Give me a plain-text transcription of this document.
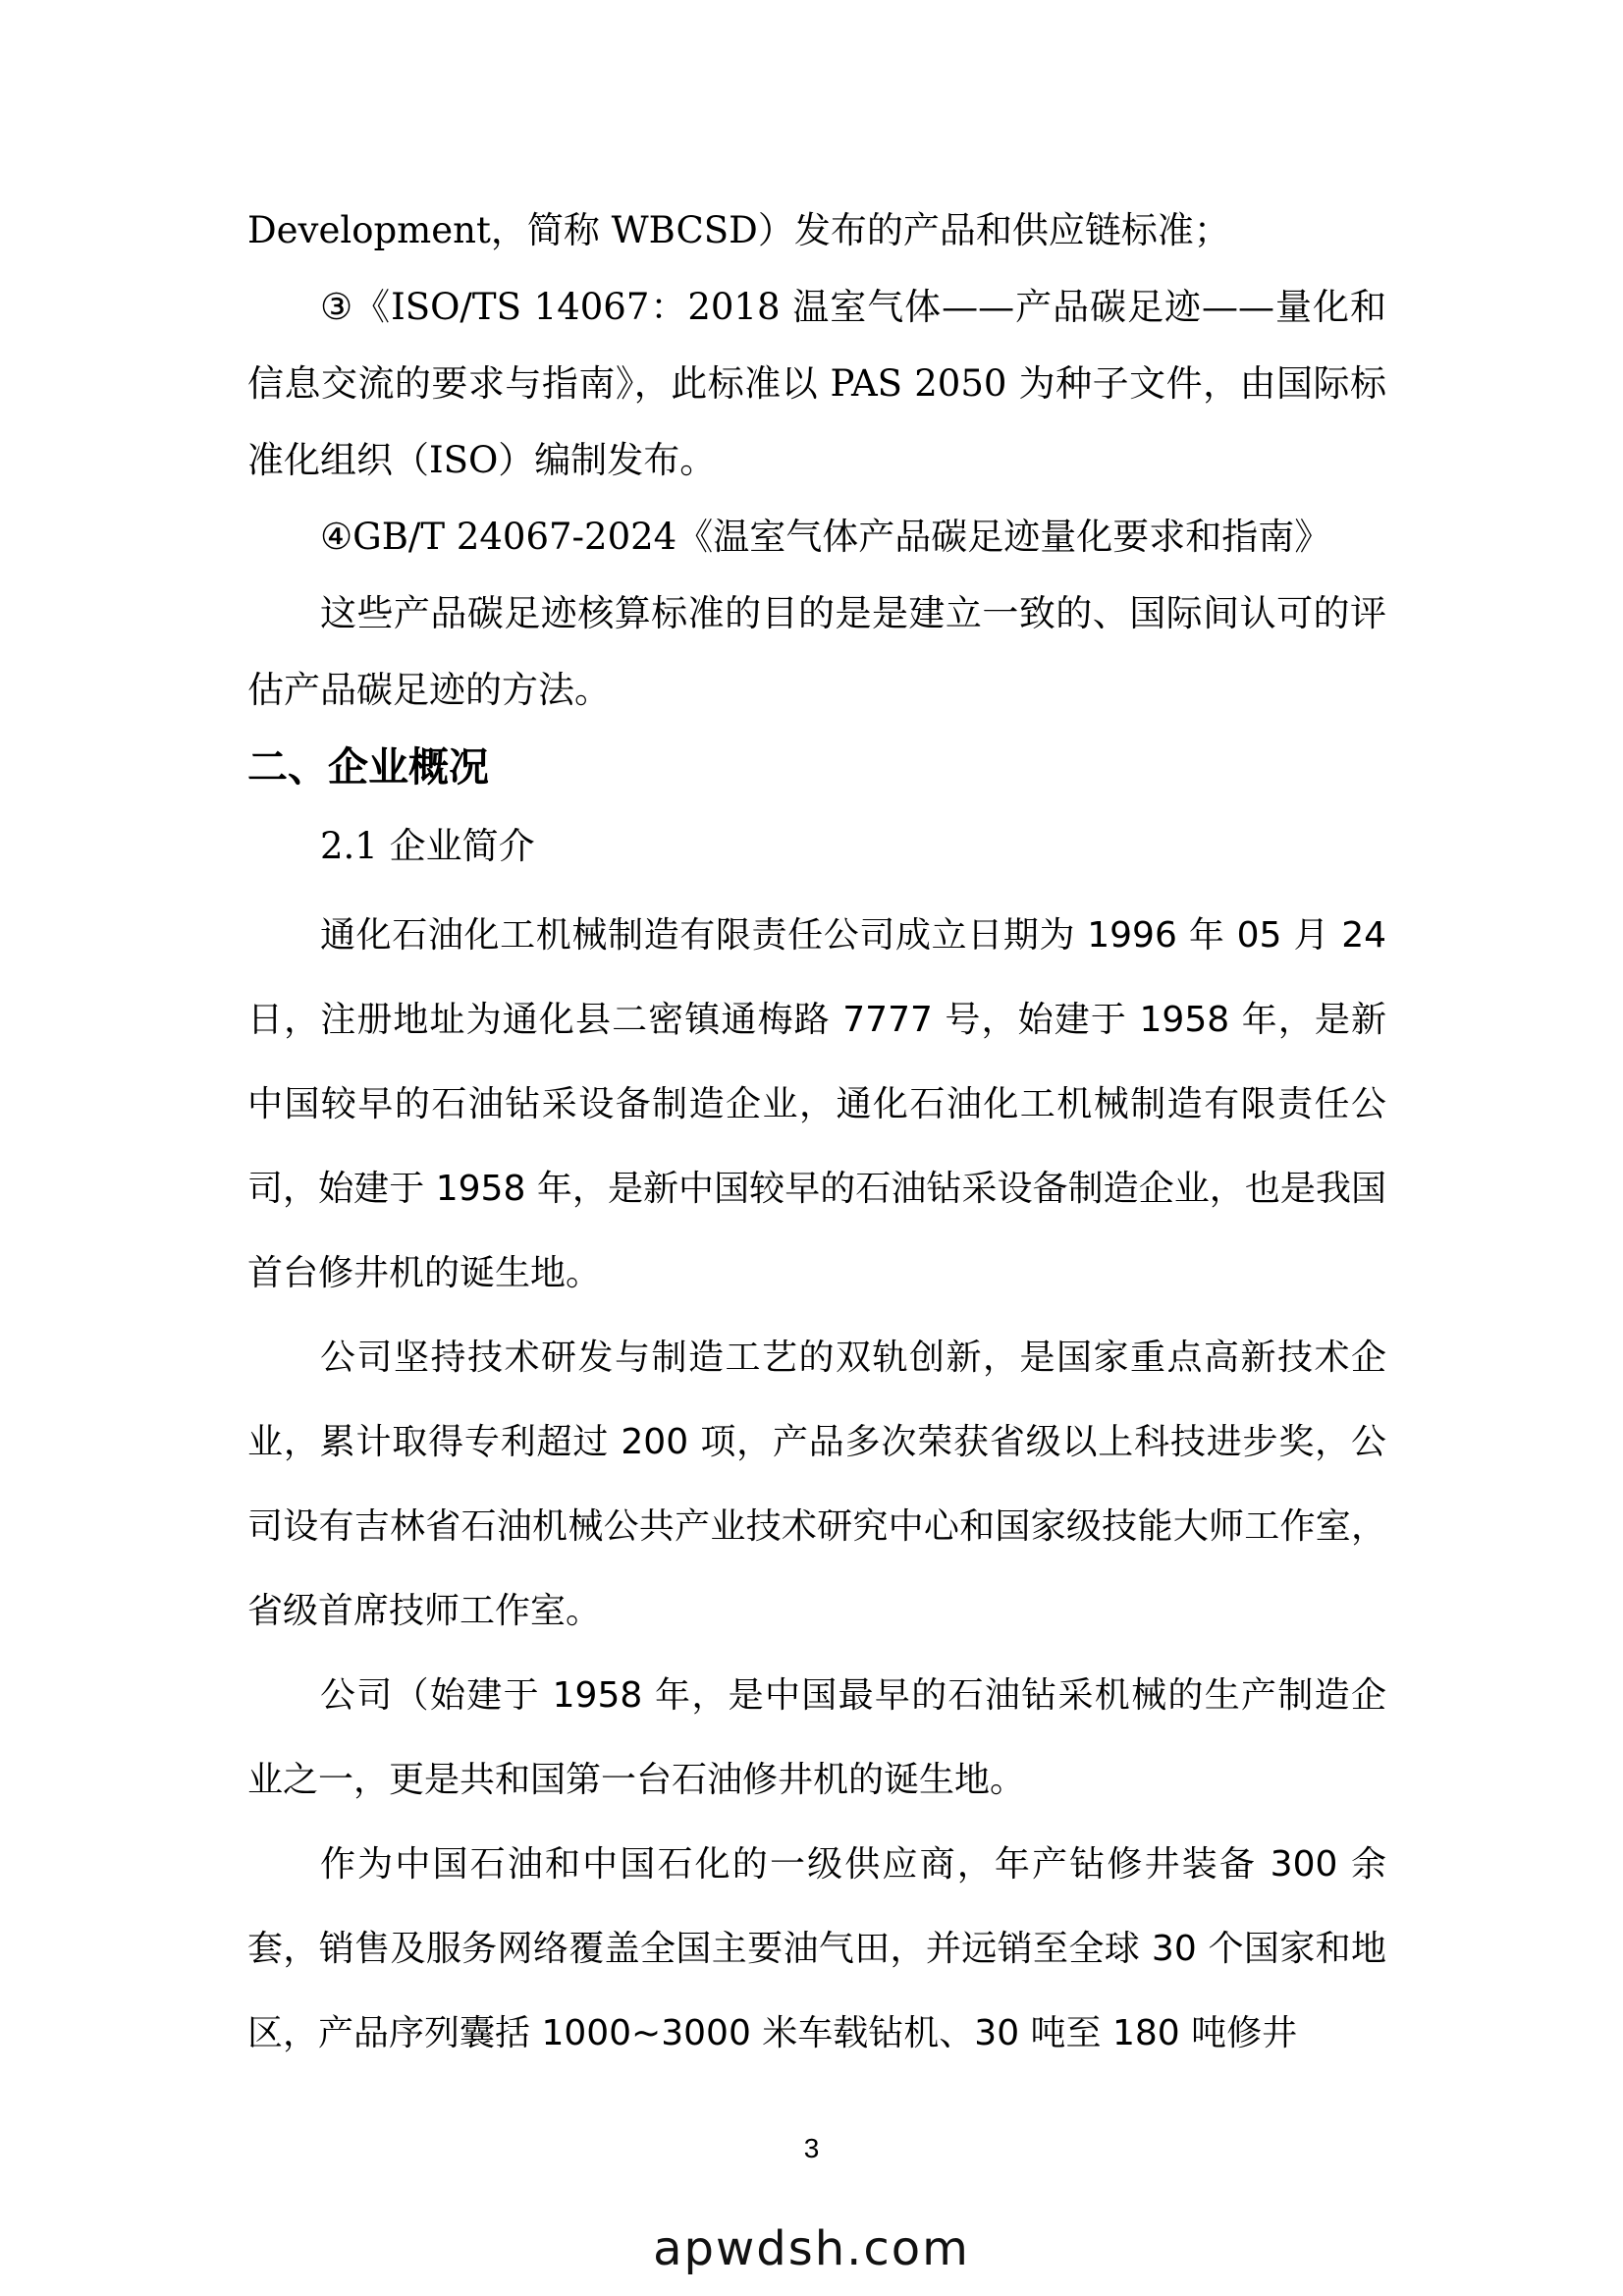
Development，简称 WBCSD）发布的产品和供应链标准；

③《ISO/TS 14067：2018 温室气体——产品碳足迹——量化和信息交流的要求与指南》，此标准以 PAS 2050 为种子文件，由国际标准化组织（ISO）编制发布。

④GB/T 24067-2024《温室气体产品碳足迹量化要求和指南》

这些产品碳足迹核算标准的目的是是建立一致的、国际间认可的评估产品碳足迹的方法。

二、企业概况
2.1 企业简介

通化石油化工机械制造有限责任公司成立日期为 1996 年 05 月 24 日，注册地址为通化县二密镇通梅路 7777 号，始建于 1958 年，是新中国较早的石油钻采设备制造企业，通化石油化工机械制造有限责任公司，始建于 1958 年，是新中国较早的石油钻采设备制造企业，也是我国首台修井机的诞生地。

公司坚持技术研发与制造工艺的双轨创新，是国家重点高新技术企业，累计取得专利超过 200 项，产品多次荣获省级以上科技进步奖，公司设有吉林省石油机械公共产业技术研究中心和国家级技能大师工作室，省级首席技师工作室。

公司（始建于 1958 年，是中国最早的石油钻采机械的生产制造企业之一，更是共和国第一台石油修井机的诞生地。

作为中国石油和中国石化的一级供应商，年产钻修井装备 300 余套，销售及服务网络覆盖全国主要油气田，并远销至全球 30 个国家和地区，产品序列囊括 1000~3000 米车载钻机、30 吨至 180 吨修井

3
apwdsh.com
